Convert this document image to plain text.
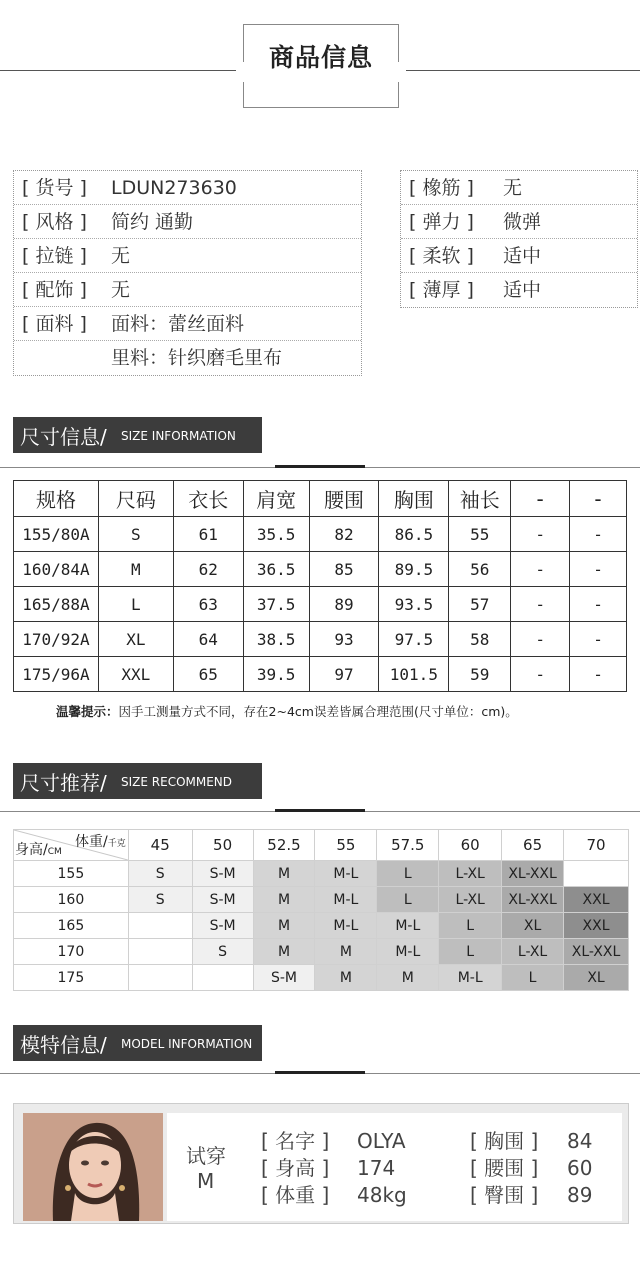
商品信息
[ 货号 ] LDUN273630
[ 风格 ] 简约 通勤
[ 拉链 ] 无
[ 配饰 ] 无
[ 面料 ] 面料：蕾丝面料
里料：针织磨毛里布
[ 橡筋 ] 无
[ 弹力 ] 微弹
[ 柔软 ] 适中
[ 薄厚 ] 适中
尺寸信息/ SIZE INFORMATION
规格	尺码	衣长	肩宽	腰围	胸围	袖长	-	-
155/80A	S	61	35.5	82	86.5	55	-	-
160/84A	M	62	36.5	85	89.5	56	-	-
165/88A	L	63	37.5	89	93.5	57	-	-
170/92A	XL	64	38.5	93	97.5	58	-	-
175/96A	XXL	65	39.5	97	101.5	59	-	-
温馨提示：因手工测量方式不同，存在2~4cm误差皆属合理范围(尺寸单位：cm)。
尺寸推荐/ SIZE RECOMMEND
体重/千克
身高/CM	45	50	52.5	55	57.5	60	65	70
155	S	S-M	M	M-L	L	L-XL	XL-XXL	
160	S	S-M	M	M-L	L	L-XL	XL-XXL	XXL
165		S-M	M	M-L	M-L	L	XL	XXL
170		S	M	M	M-L	L	L-XL	XL-XXL
175			S-M	M	M	M-L	L	XL
模特信息/ MODEL INFORMATION
试穿
M
[ 名字 ] OLYA
[ 身高 ] 174
[ 体重 ] 48kg
[ 胸围 ] 84
[ 腰围 ] 60
[ 臀围 ] 89
